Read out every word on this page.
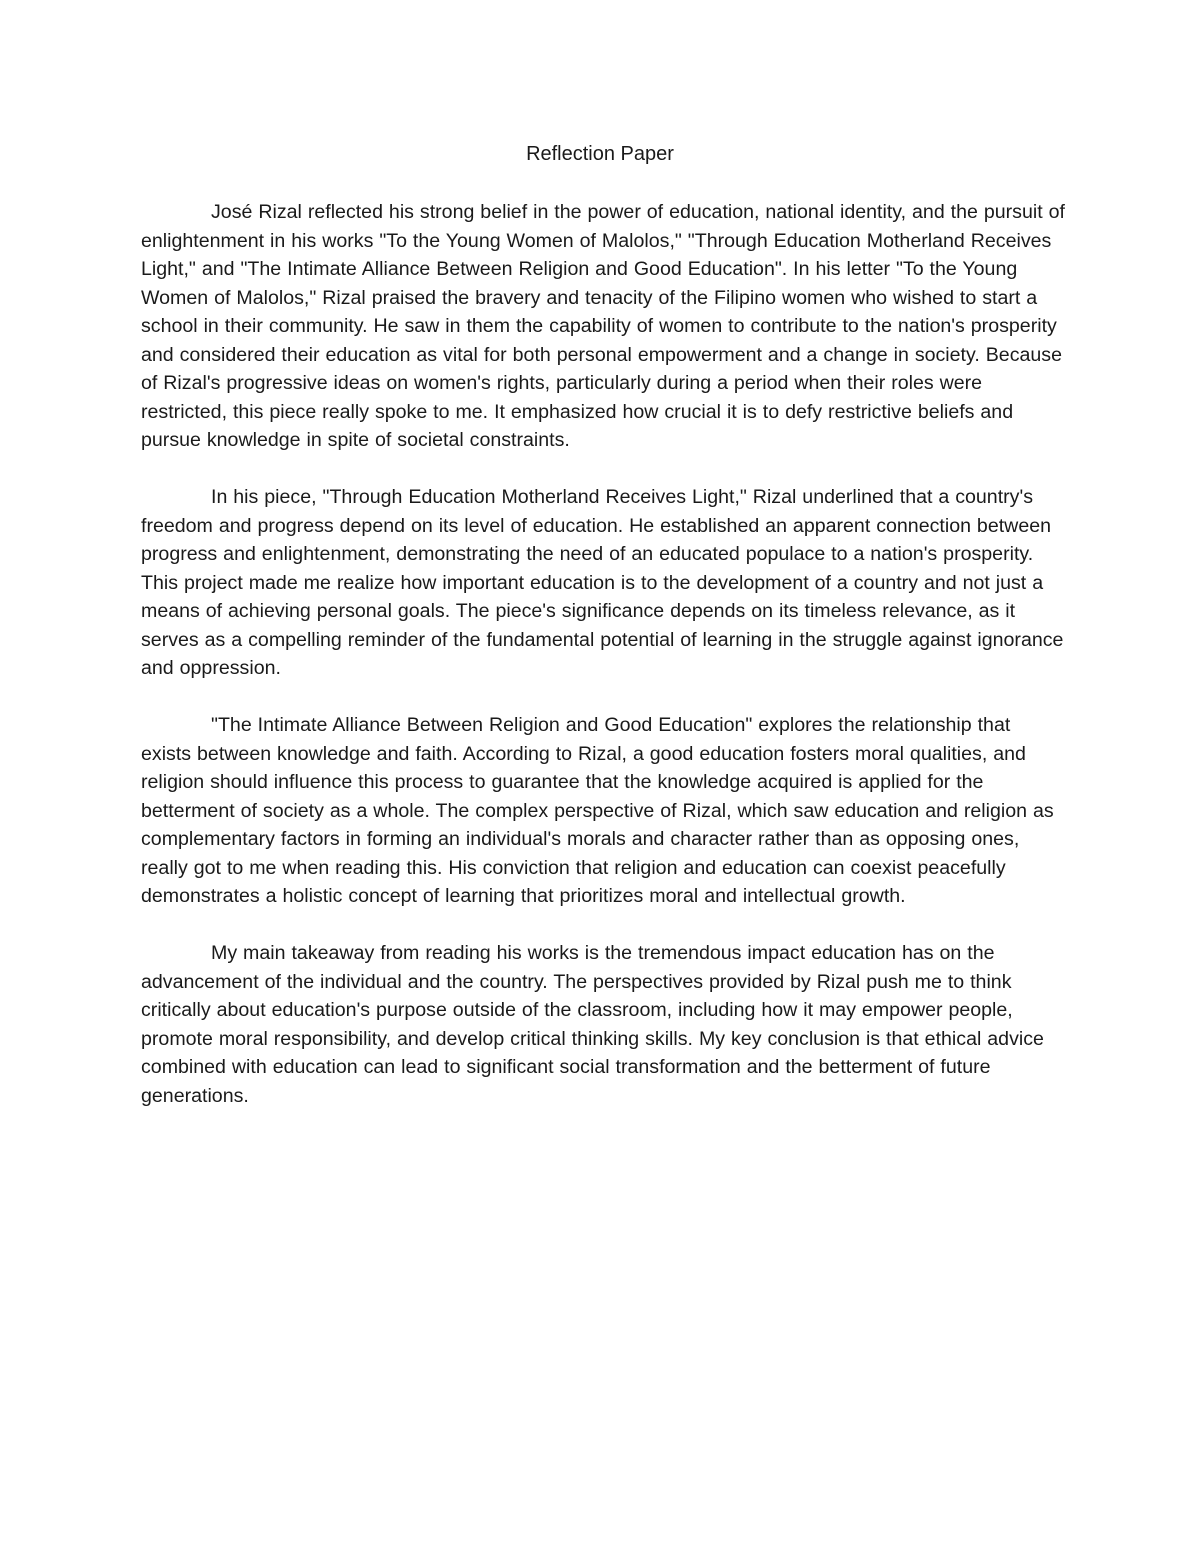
Reflection Paper

José Rizal reflected his strong belief in the power of education, national identity, and the pursuit of enlightenment in his works "To the Young Women of Malolos," "Through Education Motherland Receives Light," and "The Intimate Alliance Between Religion and Good Education". In his letter "To the Young Women of Malolos," Rizal praised the bravery and tenacity of the Filipino women who wished to start a school in their community. He saw in them the capability of women to contribute to the nation's prosperity and considered their education as vital for both personal empowerment and a change in society. Because of Rizal's progressive ideas on women's rights, particularly during a period when their roles were restricted, this piece really spoke to me. It emphasized how crucial it is to defy restrictive beliefs and pursue knowledge in spite of societal constraints.

In his piece, "Through Education Motherland Receives Light," Rizal underlined that a country's freedom and progress depend on its level of education. He established an apparent connection between progress and enlightenment, demonstrating the need of an educated populace to a nation's prosperity. This project made me realize how important education is to the development of a country and not just a means of achieving personal goals. The piece's significance depends on its timeless relevance, as it serves as a compelling reminder of the fundamental potential of learning in the struggle against ignorance and oppression.

"The Intimate Alliance Between Religion and Good Education" explores the relationship that exists between knowledge and faith. According to Rizal, a good education fosters moral qualities, and religion should influence this process to guarantee that the knowledge acquired is applied for the betterment of society as a whole. The complex perspective of Rizal, which saw education and religion as complementary factors in forming an individual's morals and character rather than as opposing ones, really got to me when reading this. His conviction that religion and education can coexist peacefully demonstrates a holistic concept of learning that prioritizes moral and intellectual growth.

My main takeaway from reading his works is the tremendous impact education has on the advancement of the individual and the country. The perspectives provided by Rizal push me to think critically about education's purpose outside of the classroom, including how it may empower people, promote moral responsibility, and develop critical thinking skills. My key conclusion is that ethical advice combined with education can lead to significant social transformation and the betterment of future generations.
